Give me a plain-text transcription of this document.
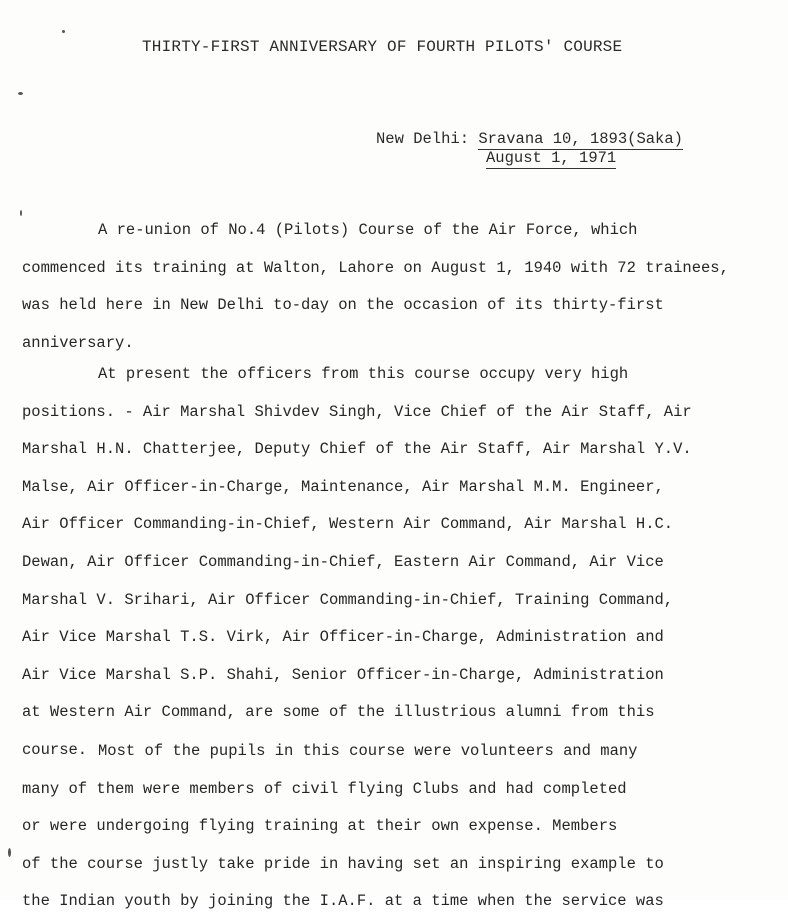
THIRTY-FIRST ANNIVERSARY OF FOURTH PILOTS' COURSE
New Delhi: Sravana 10, 1893(Saka)
August 1, 1971
A re-union of No.4 (Pilots) Course of the Air Force, which
commenced its training at Walton, Lahore on August 1, 1940 with 72 trainees,
was held here in New Delhi to-day on the occasion of its thirty-first
anniversary.
At present the officers from this course occupy very high
positions. - Air Marshal Shivdev Singh, Vice Chief of the Air Staff, Air
Marshal H.N. Chatterjee, Deputy Chief of the Air Staff, Air Marshal Y.V.
Malse, Air Officer-in-Charge, Maintenance, Air Marshal M.M. Engineer,
Air Officer Commanding-in-Chief, Western Air Command, Air Marshal H.C.
Dewan, Air Officer Commanding-in-Chief, Eastern Air Command, Air Vice
Marshal V. Srihari, Air Officer Commanding-in-Chief, Training Command,
Air Vice Marshal T.S. Virk, Air Officer-in-Charge, Administration and
Air Vice Marshal S.P. Shahi, Senior Officer-in-Charge, Administration
at Western Air Command, are some of the illustrious alumni from this
course. Most of the pupils in this course were volunteers and many
many of them were members of civil flying Clubs and had completed
or were undergoing flying training at their own expense. Members
of the course justly take pride in having set an inspiring example to
the Indian youth by joining the I.A.F. at a time when the service was
